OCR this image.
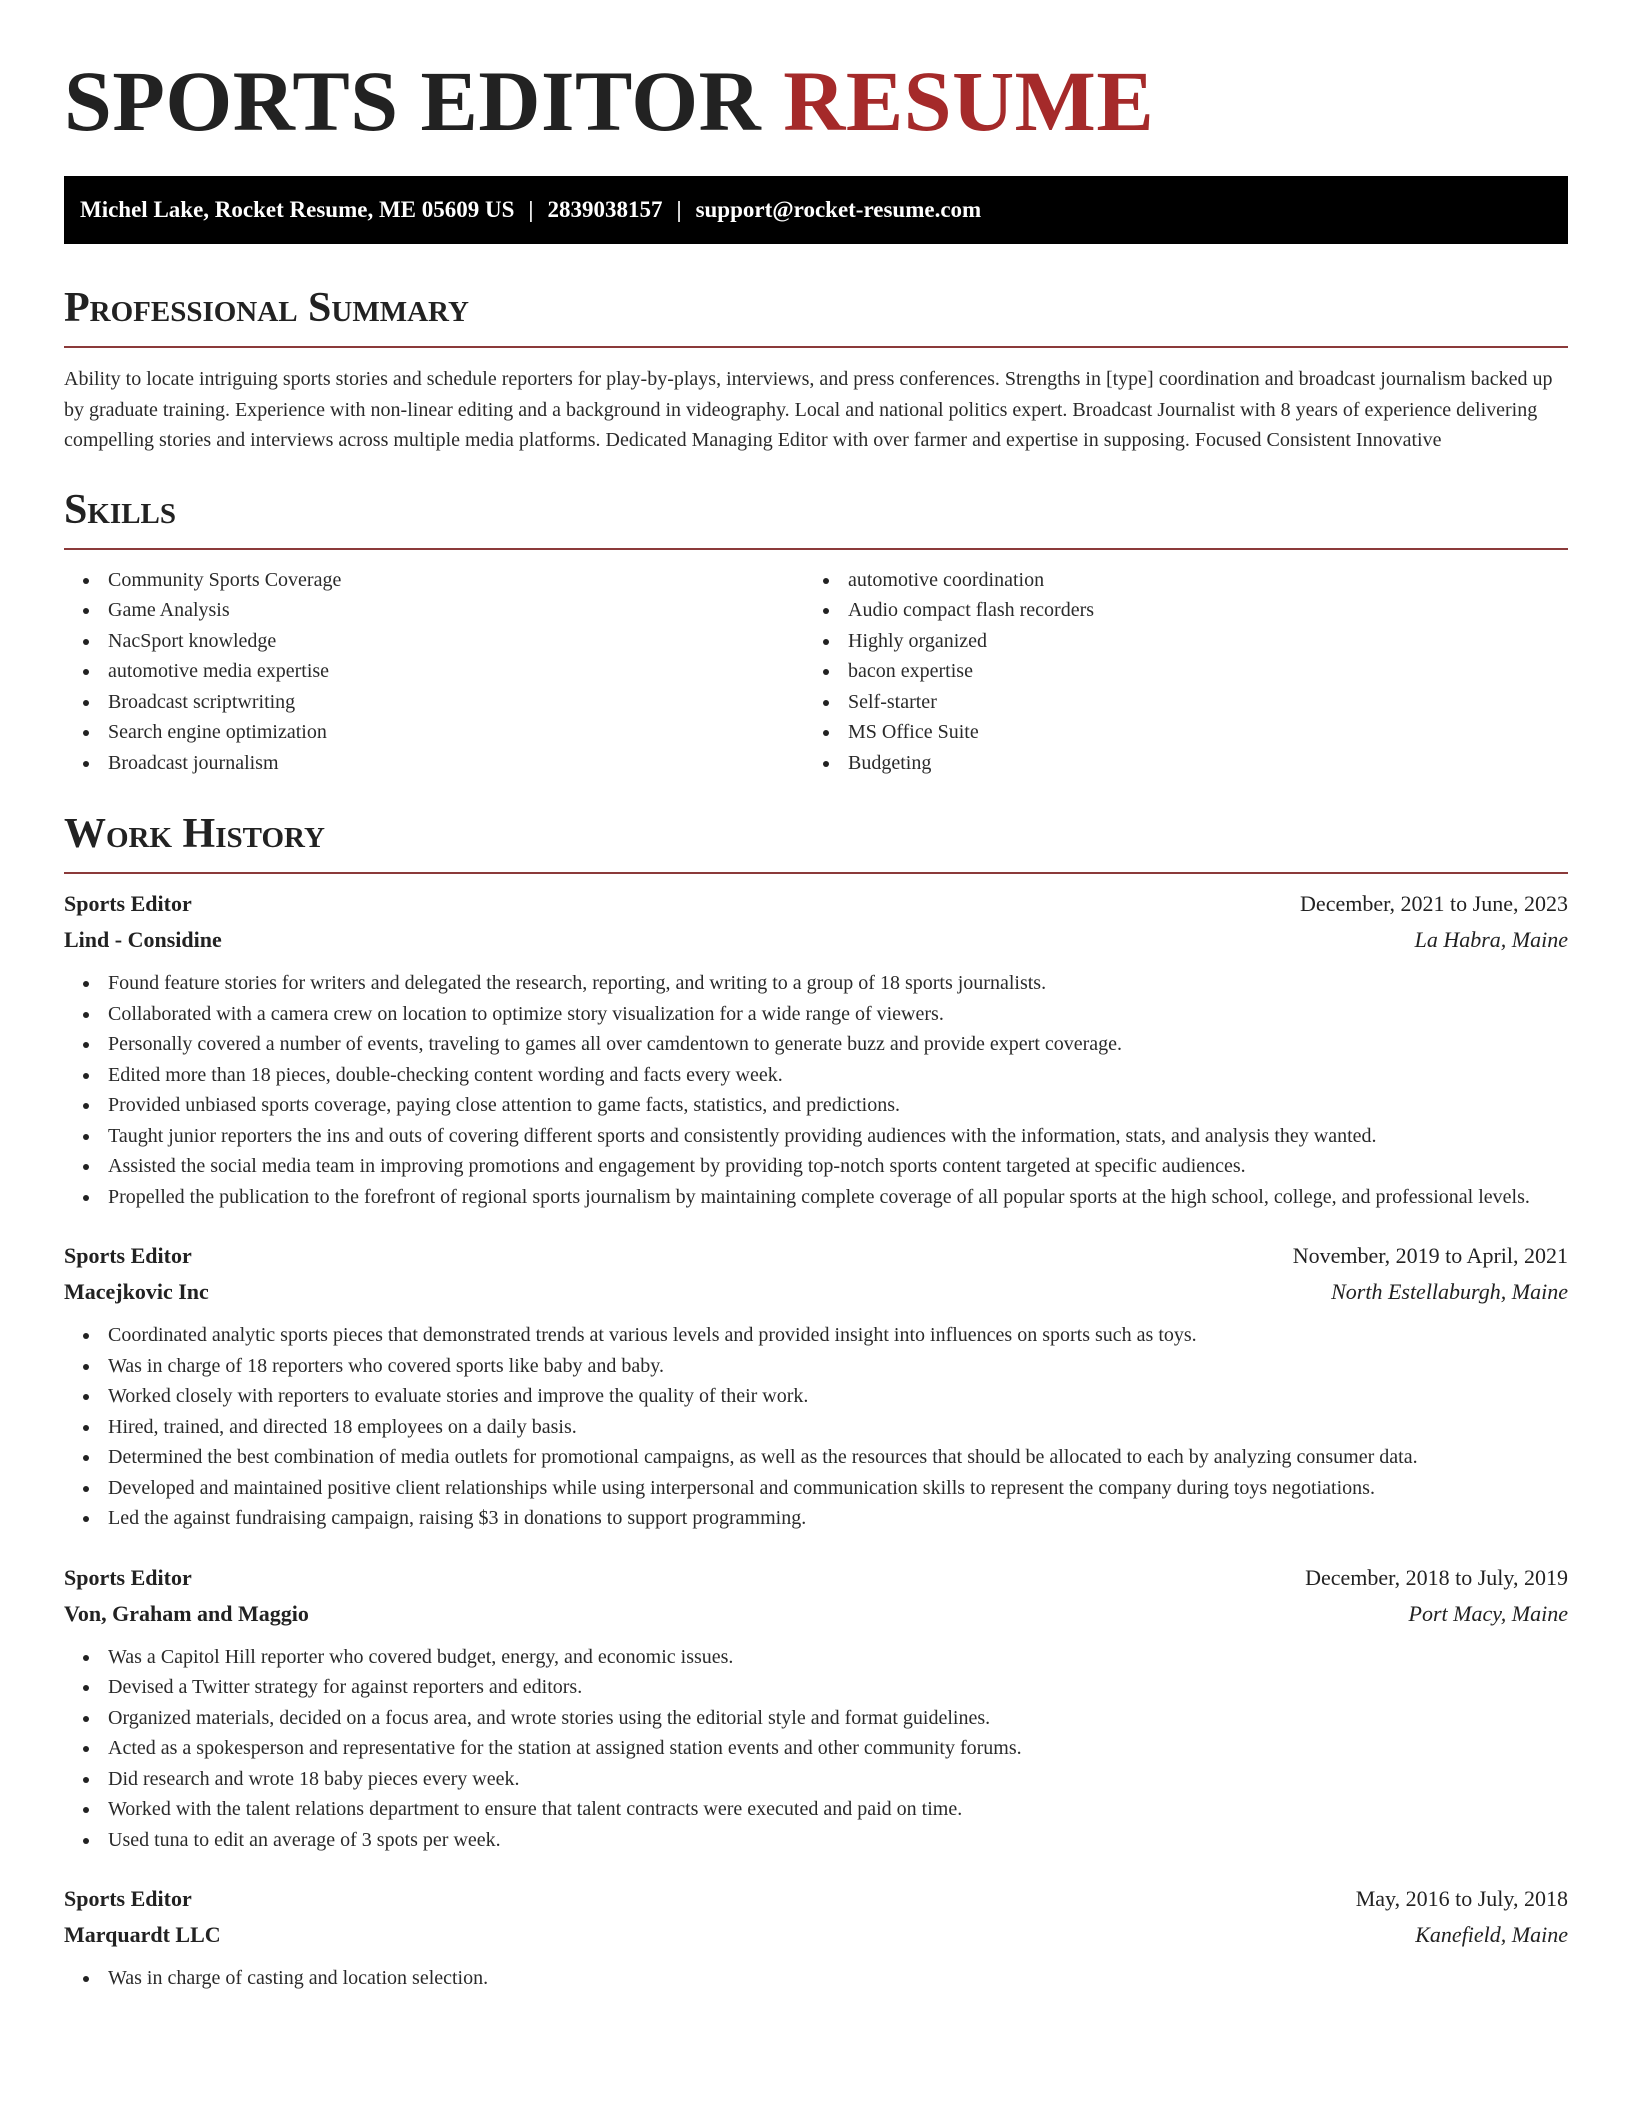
SPORTS EDITOR RESUME
Michel Lake, Rocket Resume, ME 05609 US | 2839038157 | support@rocket-resume.com
Professional Summary

Ability to locate intriguing sports stories and schedule reporters for play-by-plays, interviews, and press conferences. Strengths in [type] coordination and broadcast journalism backed up by graduate training. Experience with non-linear editing and a background in videography. Local and national politics expert. Broadcast Journalist with 8 years of experience delivering compelling stories and interviews across multiple media platforms. Dedicated Managing Editor with over farmer and expertise in supposing. Focused Consistent Innovative

Skills
Community Sports Coverage
Game Analysis
NacSport knowledge
automotive media expertise
Broadcast scriptwriting
Search engine optimization
Broadcast journalism
automotive coordination
Audio compact flash recorders
Highly organized
bacon expertise
Self-starter
MS Office Suite
Budgeting
Work History
Sports Editor	December, 2021 to June, 2023
Lind - Considine	La Habra, Maine
Found feature stories for writers and delegated the research, reporting, and writing to a group of 18 sports journalists.
Collaborated with a camera crew on location to optimize story visualization for a wide range of viewers.
Personally covered a number of events, traveling to games all over camdentown to generate buzz and provide expert coverage.
Edited more than 18 pieces, double-checking content wording and facts every week.
Provided unbiased sports coverage, paying close attention to game facts, statistics, and predictions.
Taught junior reporters the ins and outs of covering different sports and consistently providing audiences with the information, stats, and analysis they wanted.
Assisted the social media team in improving promotions and engagement by providing top-notch sports content targeted at specific audiences.
Propelled the publication to the forefront of regional sports journalism by maintaining complete coverage of all popular sports at the high school, college, and professional levels.
Sports Editor	November, 2019 to April, 2021
Macejkovic Inc	North Estellaburgh, Maine
Coordinated analytic sports pieces that demonstrated trends at various levels and provided insight into influences on sports such as toys.
Was in charge of 18 reporters who covered sports like baby and baby.
Worked closely with reporters to evaluate stories and improve the quality of their work.
Hired, trained, and directed 18 employees on a daily basis.
Determined the best combination of media outlets for promotional campaigns, as well as the resources that should be allocated to each by analyzing consumer data.
Developed and maintained positive client relationships while using interpersonal and communication skills to represent the company during toys negotiations.
Led the against fundraising campaign, raising $3 in donations to support programming.
Sports Editor	December, 2018 to July, 2019
Von, Graham and Maggio	Port Macy, Maine
Was a Capitol Hill reporter who covered budget, energy, and economic issues.
Devised a Twitter strategy for against reporters and editors.
Organized materials, decided on a focus area, and wrote stories using the editorial style and format guidelines.
Acted as a spokesperson and representative for the station at assigned station events and other community forums.
Did research and wrote 18 baby pieces every week.
Worked with the talent relations department to ensure that talent contracts were executed and paid on time.
Used tuna to edit an average of 3 spots per week.
Sports Editor	May, 2016 to July, 2018
Marquardt LLC	Kanefield, Maine
Was in charge of casting and location selection.
